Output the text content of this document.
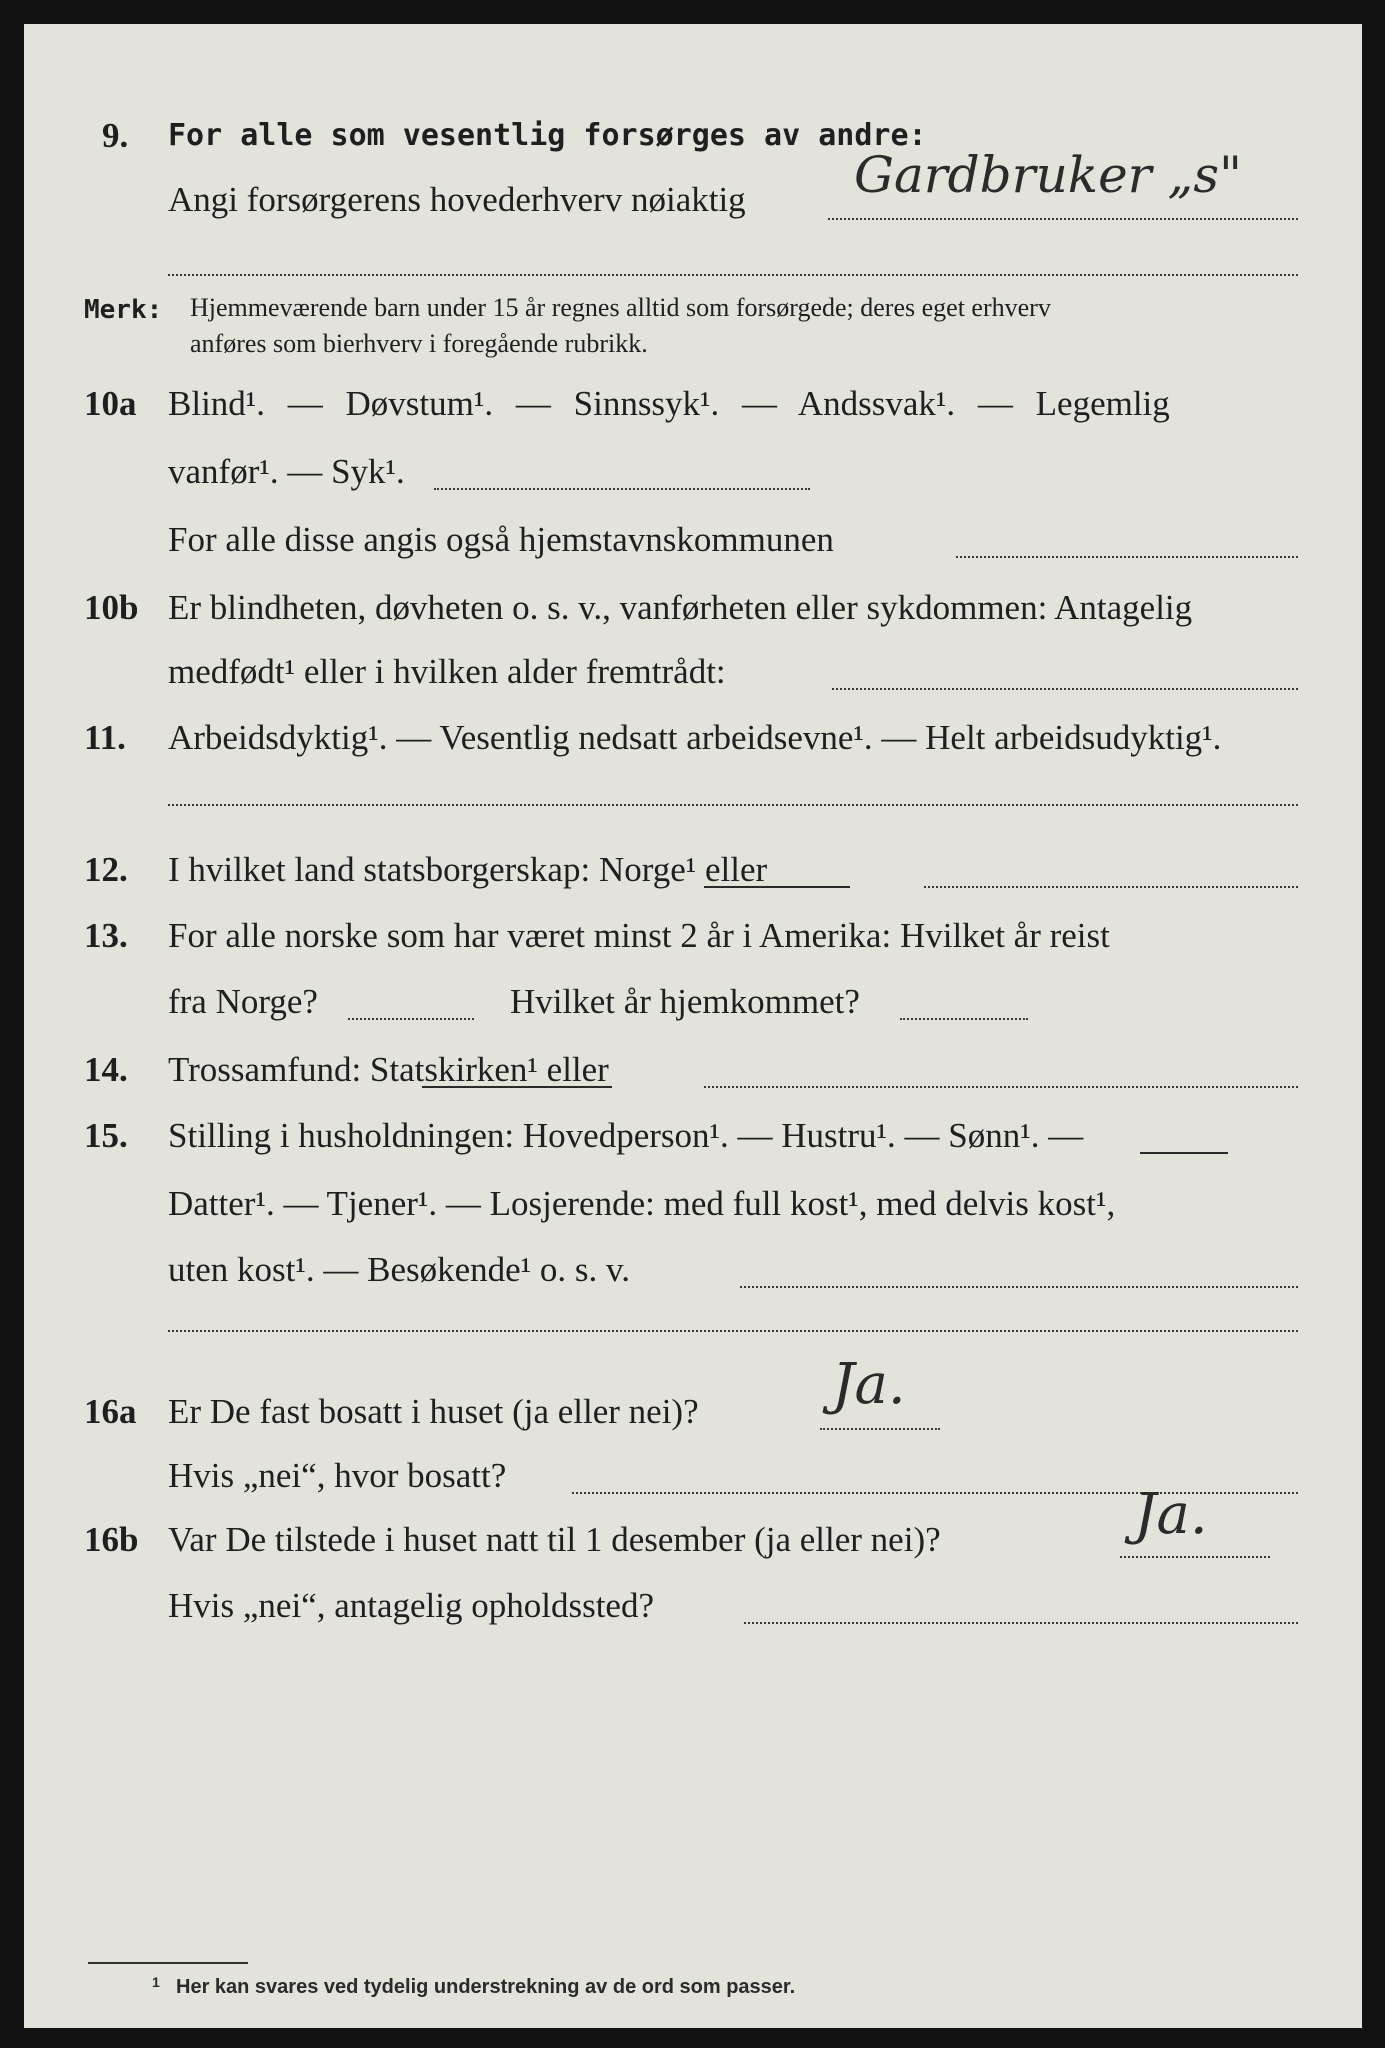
9. For alle som vesentlig forsørges av andre:
Angi forsørgerens hovederhverv nøiaktig Gardbruker „s"
Merk: Hjemmeværende barn under 15 år regnes alltid som forsørgede; deres eget erhverv
anføres som bierhverv i foregående rubrikk.
10a Blind¹. — Døvstum¹. — Sinnssyk¹. — Andssvak¹. — Legemlig
vanfør¹. — Syk¹.
For alle disse angis også hjemstavnskommunen
10b Er blindheten, døvheten o. s. v., vanførheten eller sykdommen: Antagelig
medfødt¹ eller i hvilken alder fremtrådt:
11. Arbeidsdyktig¹. — Vesentlig nedsatt arbeidsevne¹. — Helt arbeidsudyktig¹.
12. I hvilket land statsborgerskap: Norge¹ eller
13. For alle norske som har været minst 2 år i Amerika: Hvilket år reist
fra Norge?	Hvilket år hjemkommet?
14. Trossamfund: Statskirken¹ eller
15. Stilling i husholdningen: Hovedperson¹. — Hustru¹. — Sønn¹. —
Datter¹. — Tjener¹. — Losjerende: med full kost¹, med delvis kost¹,
uten kost¹. — Besøkende¹ o. s. v.
16a Er De fast bosatt i huset (ja eller nei)? Ja.
Hvis „nei“, hvor bosatt?
16b Var De tilstede i huset natt til 1 desember (ja eller nei)?	Ja.
Hvis „nei“, antagelig opholdssted?
1 Her kan svares ved tydelig understrekning av de ord som passer.
